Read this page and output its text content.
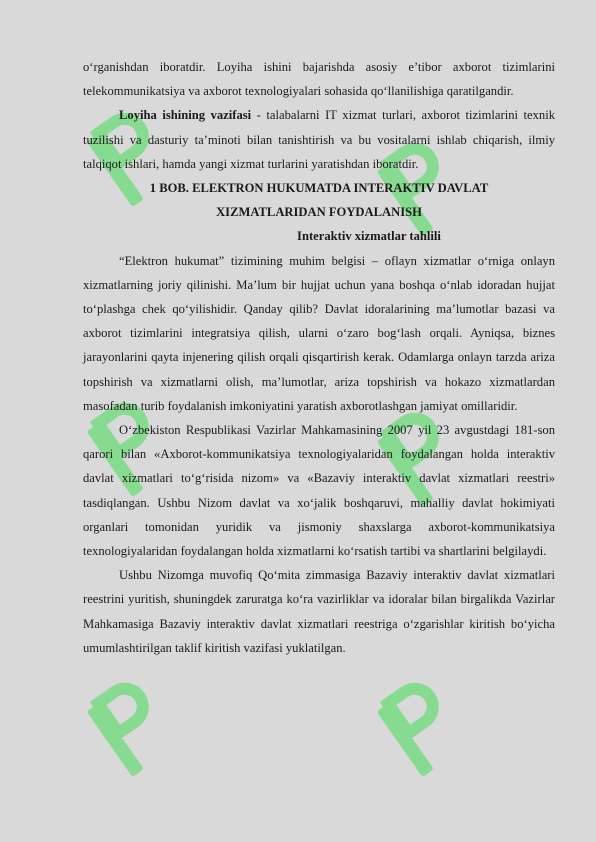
o‘rganishdan iboratdir. Loyiha ishini bajarishda asosiy e’tibor axborot tizimlarini telekommunikatsiya va axborot texnologiyalari sohasida qo‘llanilishiga qaratilgandir.

Loyiha ishining vazifasi - talabalarni IT xizmat turlari, axborot tizimlarini texnik tuzilishi va dasturiy ta’minoti bilan tanishtirish va bu vositalarni ishlab chiqarish, ilmiy talqiqot ishlari, hamda yangi xizmat turlarini yaratishdan iboratdir.

1 BOB. ELEKTRON HUKUMATDA INTERAKTIV DAVLAT

XIZMATLARIDAN FOYDALANISH

Interaktiv xizmatlar tahlili

“Elektron hukumat” tizimining muhim belgisi – oflayn xizmatlar o‘rniga onlayn xizmatlarning joriy qilinishi. Ma’lum bir hujjat uchun yana boshqa o‘nlab idoradan hujjat to‘plashga chek qo‘yilishidir. Qanday qilib? Davlat idoralarining ma’lumotlar bazasi va axborot tizimlarini integratsiya qilish, ularni o‘zaro bog‘lash orqali. Ayniqsa, biznes jarayonlarini qayta injenering qilish orqali qisqartirish kerak. Odamlarga onlayn tarzda ariza topshirish va xizmatlarni olish, ma’lumotlar, ariza topshirish va hokazo xizmatlardan masofadan turib foydalanish imkoniyatini yaratish axborotlashgan jamiyat omillaridir.

O‘zbekiston Respublikasi Vazirlar Mahkamasining 2007 yil 23 avgustdagi 181-son qarori bilan «Axborot-kommunikatsiya texnologiyalaridan foydalangan holda interaktiv davlat xizmatlari to‘g‘risida nizom» va «Bazaviy interaktiv davlat xizmatlari reestri» tasdiqlangan. Ushbu Nizom davlat va xo‘jalik boshqaruvi, mahalliy davlat hokimiyati organlari tomonidan yuridik va jismoniy shaxslarga axborot-kommunikatsiya texnologiyalaridan foydalangan holda xizmatlarni ko‘rsatish tartibi va shartlarini belgilaydi.

Ushbu Nizomga muvofiq Qo‘mita zimmasiga Bazaviy interaktiv davlat xizmatlari reestrini yuritish, shuningdek zaruratga ko‘ra vazirliklar va idoralar bilan birgalikda Vazirlar Mahkamasiga Bazaviy interaktiv davlat xizmatlari reestriga o‘zgarishlar kiritish bo‘yicha umumlashtirilgan taklif kiritish vazifasi yuklatilgan.
